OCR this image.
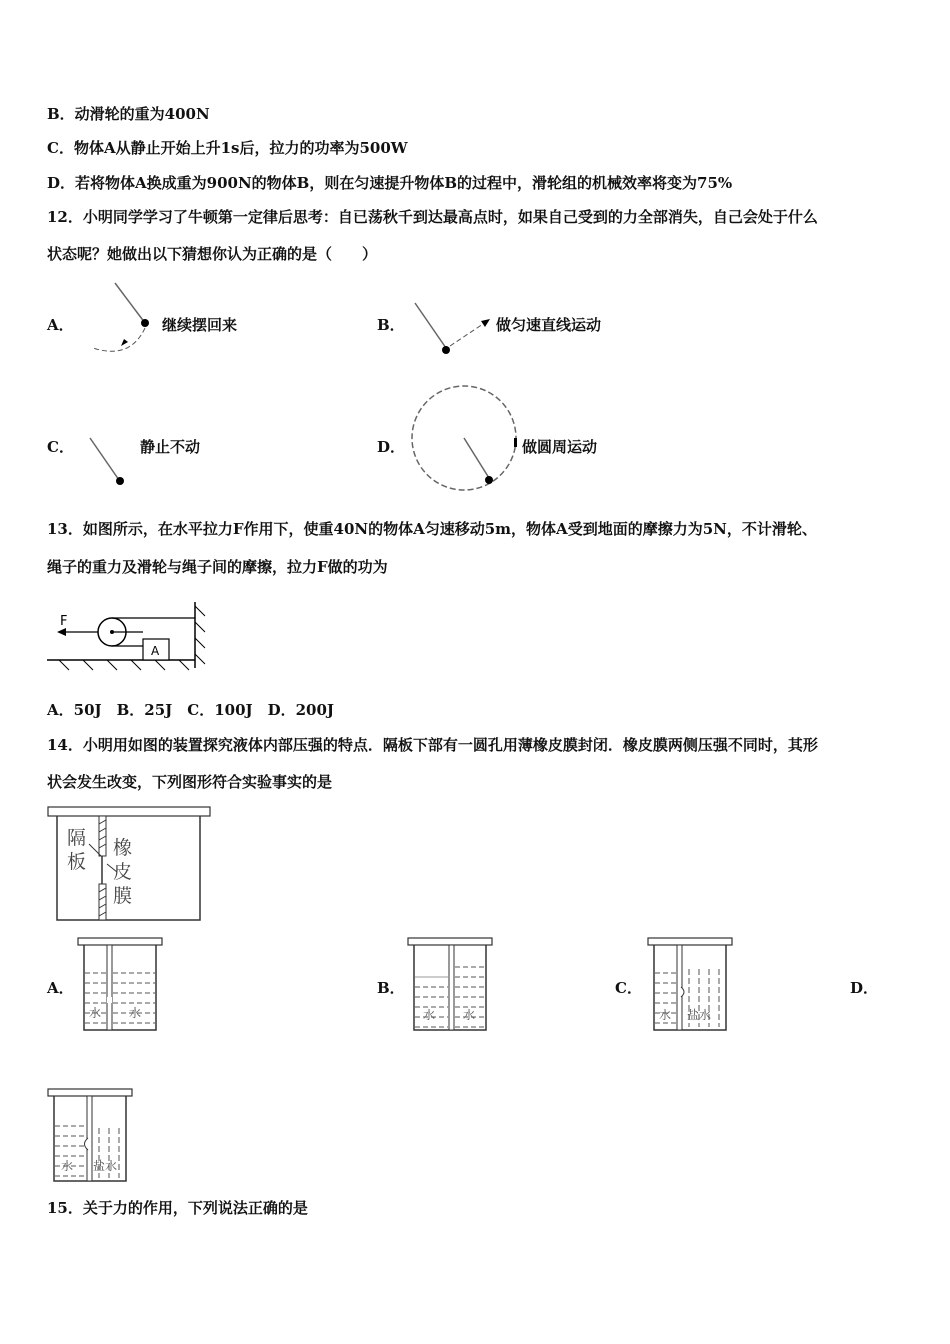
B．动滑轮的重为400N
C．物体A从静止开始上升1s后，拉力的功率为500W
D．若将物体A换成重为900N的物体B，则在匀速提升物体B的过程中，滑轮组的机械效率将变为75%
12．小明同学学习了牛顿第一定律后思考：自已荡秋千到达最高点时，如果自己受到的力全部消失，自己会处于什么
状态呢？她做出以下猜想你认为正确的是（　　）
A．	继续摆回来	B．	做匀速直线运动
C．	静止不动	D．	做圆周运动
13．如图所示，在水平拉力F作用下，使重40N的物体A匀速移动5m，物体A受到地面的摩擦力为5N，不计滑轮、
绳子的重力及滑轮与绳子间的摩擦，拉力F做的功为
F
A
A．50J　B．25J　C．100J　D．200J
14．小明用如图的装置探究液体内部压强的特点．隔板下部有一圆孔用薄橡皮膜封闭．橡皮膜两侧压强不同时，其形
状会发生改变，下列图形符合实验事实的是
隔
板
橡
皮
膜
A．	B．	C．	D．
水 水	水 水	水 盐水
水 盐水
15．关于力的作用，下列说法正确的是
